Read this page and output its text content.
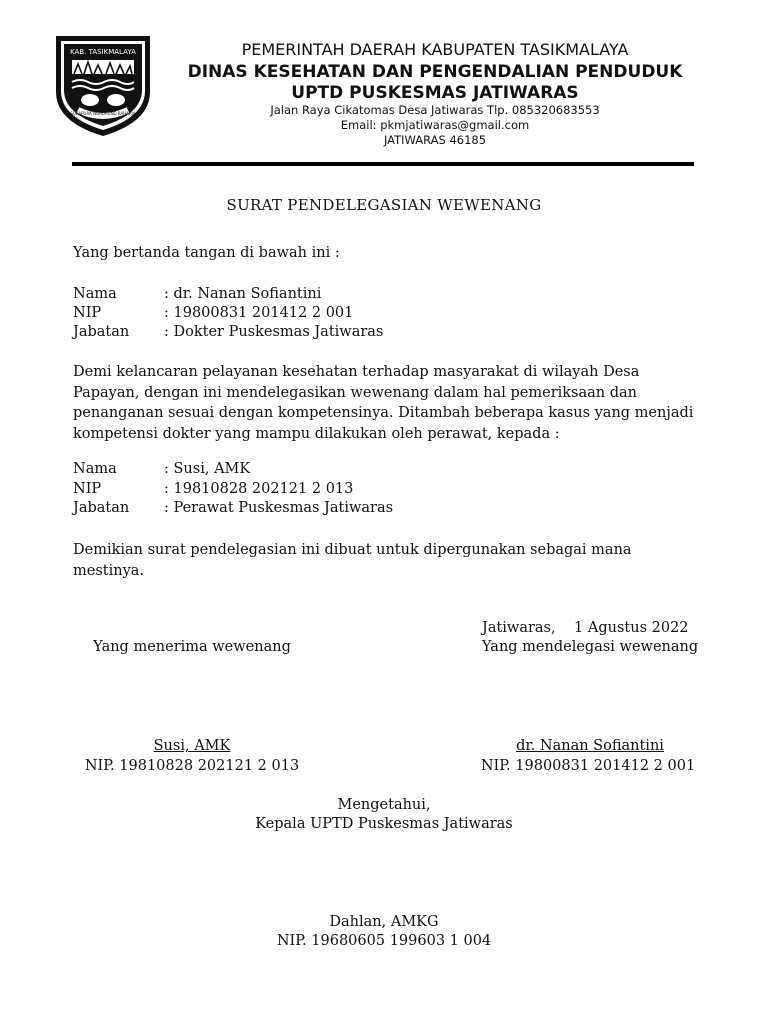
KAB. TASIKMALAYA
SUKAPURA NGADAUNG RAHARJA
PEMERINTAH DAERAH KABUPATEN TASIKMALAYA
DINAS KESEHATAN DAN PENGENDALIAN PENDUDUK
UPTD PUSKESMAS JATIWARAS
Jalan Raya Cikatomas Desa Jatiwaras Tlp. 085320683553
Email: pkmjatiwaras@gmail.com
JATIWARAS 46185
SURAT PENDELEGASIAN WEWENANG
Yang bertanda tangan di bawah ini :
Nama	: dr. Nanan Sofiantini
NIP	: 19800831 201412 2 001
Jabatan : Dokter Puskesmas Jatiwaras
Demi kelancaran pelayanan kesehatan terhadap masyarakat di wilayah Desa Papayan, dengan ini mendelegasikan wewenang dalam hal pemeriksaan dan penanganan sesuai dengan kompetensinya. Ditambah beberapa kasus yang menjadi kompetensi dokter yang mampu dilakukan oleh perawat, kepada :
Nama	: Susi, AMK
NIP	: 19810828 202121 2 013
Jabatan : Perawat Puskesmas Jatiwaras
Demikian surat pendelegasian ini dibuat untuk dipergunakan sebagai mana mestinya.
Jatiwaras,    1 Agustus 2022
Yang menerima wewenang	Yang mendelegasi wewenang
Susi, AMK	dr. Nanan Sofiantini
NIP. 19810828 202121 2 013	NIP. 19800831 201412 2 001
Mengetahui,
Kepala UPTD Puskesmas Jatiwaras
Dahlan, AMKG
NIP. 19680605 199603 1 004
